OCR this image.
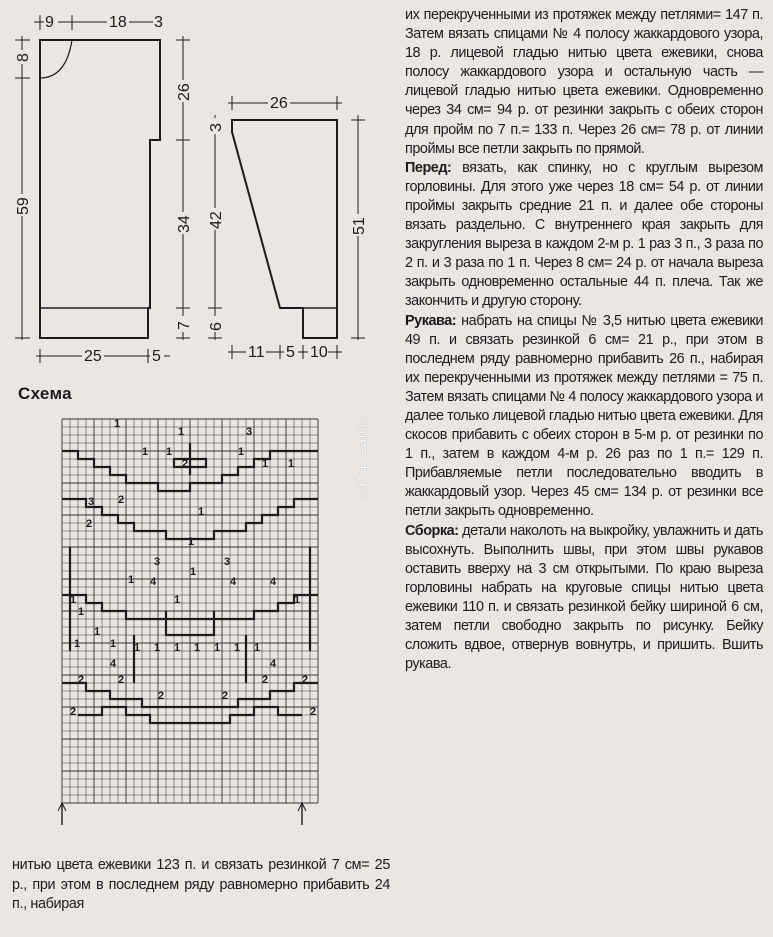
9	18 3
8
59
26
34
7
25	5
26
3
42
6
51
11 5 10
Схема
1
1
2
3
3 2
2
1
1
1
1
4	4	4
1	1 1 1 1 1 1 1 1
2	2
2	2
2	2
1	1
1
1
3	3
1
4	4
1
1
1
1 1
2	2
natalianis

их перекрученными из протяжек между петлями= 147 п. Затем вязать спицами № 4 полосу жаккардового узора, 18 р. лицевой гладью нитью цвета ежевики, снова полосу жаккардового узора и остальную часть — лицевой гладью нитью цвета ежевики. Одновременно через 34 см= 94 р. от резинки закрыть с обеих сторон для пройм по 7 п.= 133 п. Через 26 см= 78 р. от линии проймы все петли закрыть по прямой.

Перед: вязать, как спинку, но с круглым вырезом горловины. Для этого уже через 18 см= 54 р. от линии проймы закрыть средние 21 п. и далее обе стороны вязать раздельно. С внутреннего края закрыть для закругления выреза в каждом 2-м р. 1 раз 3 п., 3 раза по 2 п. и 3 раза по 1 п. Через 8 см= 24 р. от начала выреза закрыть одновременно остальные 44 п. плеча. Так же закончить и другую сторону.

Рукава: набрать на спицы № 3,5 нитью цвета ежевики 49 п. и связать резинкой 6 см= 21 р., при этом в последнем ряду равномерно прибавить 26 п., набирая их перекрученными из протяжек между петлями = 75 п. Затем вязать спицами № 4 полосу жаккардового узора и далее только лицевой гладью нитью цвета ежевики. Для скосов прибавить с обеих сторон в 5-м р. от резинки по 1 п., затем в каждом 4-м р. 26 раз по 1 п.= 129 п. Прибавляемые петли последовательно вводить в жаккардовый узор. Через 45 см= 134 р. от резинки все петли закрыть одновременно.

Сборка: детали наколоть на выкройку, увлажнить и дать высохнуть. Выполнить швы, при этом швы рукавов оставить вверху на 3 см открытыми. По краю выреза горловины набрать на круговые спицы нитью цвета ежевики 110 п. и связать резинкой бейку шириной 6 см, затем петли свободно закрыть по рисунку. Бейку сложить вдвое, отвернув вовнутрь, и пришить. Вшить рукава.

нитью цвета ежевики 123 п. и связать резинкой 7 см= 25 р., при этом в последнем ряду равномерно прибавить 24 п., набирая
